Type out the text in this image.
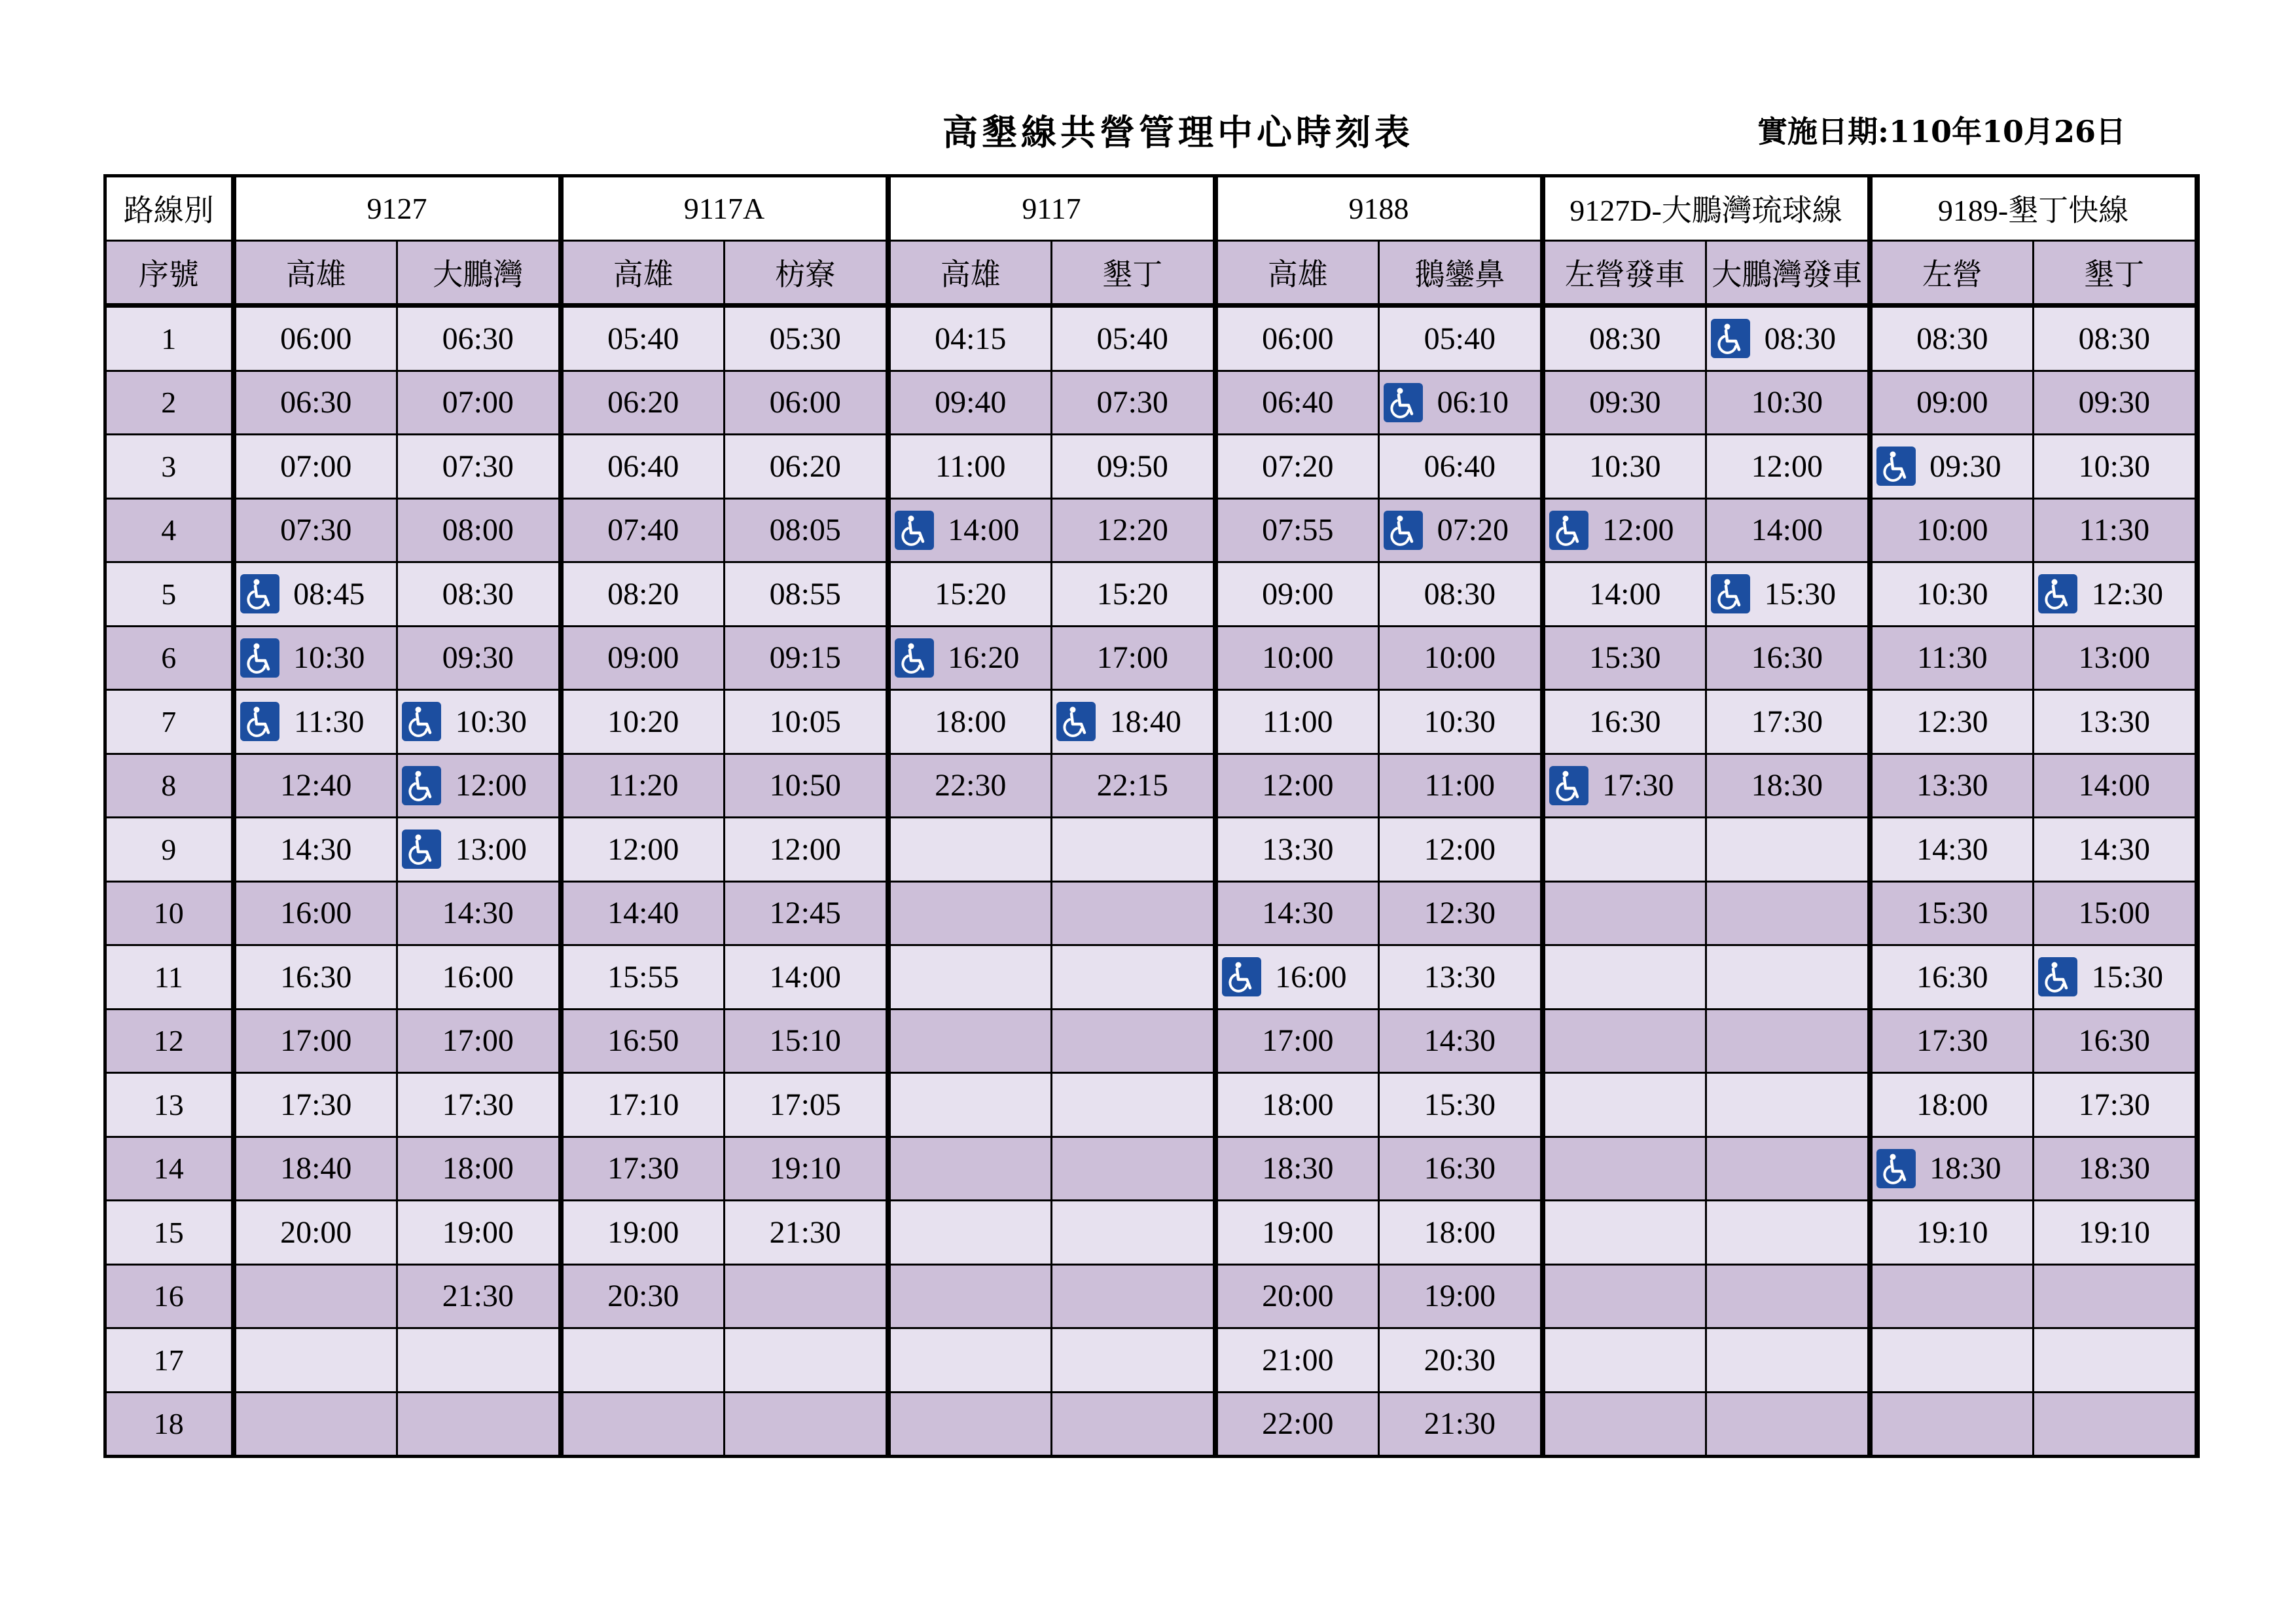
高墾線共營管理中心時刻表	實施日期:110年10月26日
路線別	9127		9117A		9117		9188		9127D-大鵬灣琉球線		9189-墾丁快線	
序號	高雄	大鵬灣	高雄	枋寮	高雄	墾丁	高雄	鵝鑾鼻	左營發車	大鵬灣發車	左營	墾丁
1	06:00	06:30	05:40	05:30	04:15	05:40	06:00	05:40	08:30	08:30	08:30	08:30
2	06:30	07:00	06:20	06:00	09:40	07:30	06:40	06:10	09:30	10:30	09:00	09:30
3	07:00	07:30	06:40	06:20	11:00	09:50	07:20	06:40	10:30	12:00	09:30	10:30
4	07:30	08:00	07:40	08:05	14:00	12:20	07:55	07:20	12:00	14:00	10:00	11:30
5	08:45	08:30	08:20	08:55	15:20	15:20	09:00	08:30	14:00	15:30	10:30	12:30
6	10:30	09:30	09:00	09:15	16:20	17:00	10:00	10:00	15:30	16:30	11:30	13:00
7	11:30	10:30	10:20	10:05	18:00	18:40	11:00	10:30	16:30	17:30	12:30	13:30
8	12:40	12:00	11:20	10:50	22:30	22:15	12:00	11:00	17:30	18:30	13:30	14:00
9	14:30	13:00	12:00	12:00			13:30	12:00			14:30	14:30
10	16:00	14:30	14:40	12:45			14:30	12:30			15:30	15:00
11	16:30	16:00	15:55	14:00			16:00	13:30			16:30	15:30
12	17:00	17:00	16:50	15:10			17:00	14:30			17:30	16:30
13	17:30	17:30	17:10	17:05			18:00	15:30			18:00	17:30
14	18:40	18:00	17:30	19:10			18:30	16:30			18:30	18:30
15	20:00	19:00	19:00	21:30			19:00	18:00			19:10	19:10
16		21:30	20:30				20:00	19:00				
17							21:00	20:30				
18							22:00	21:30				
